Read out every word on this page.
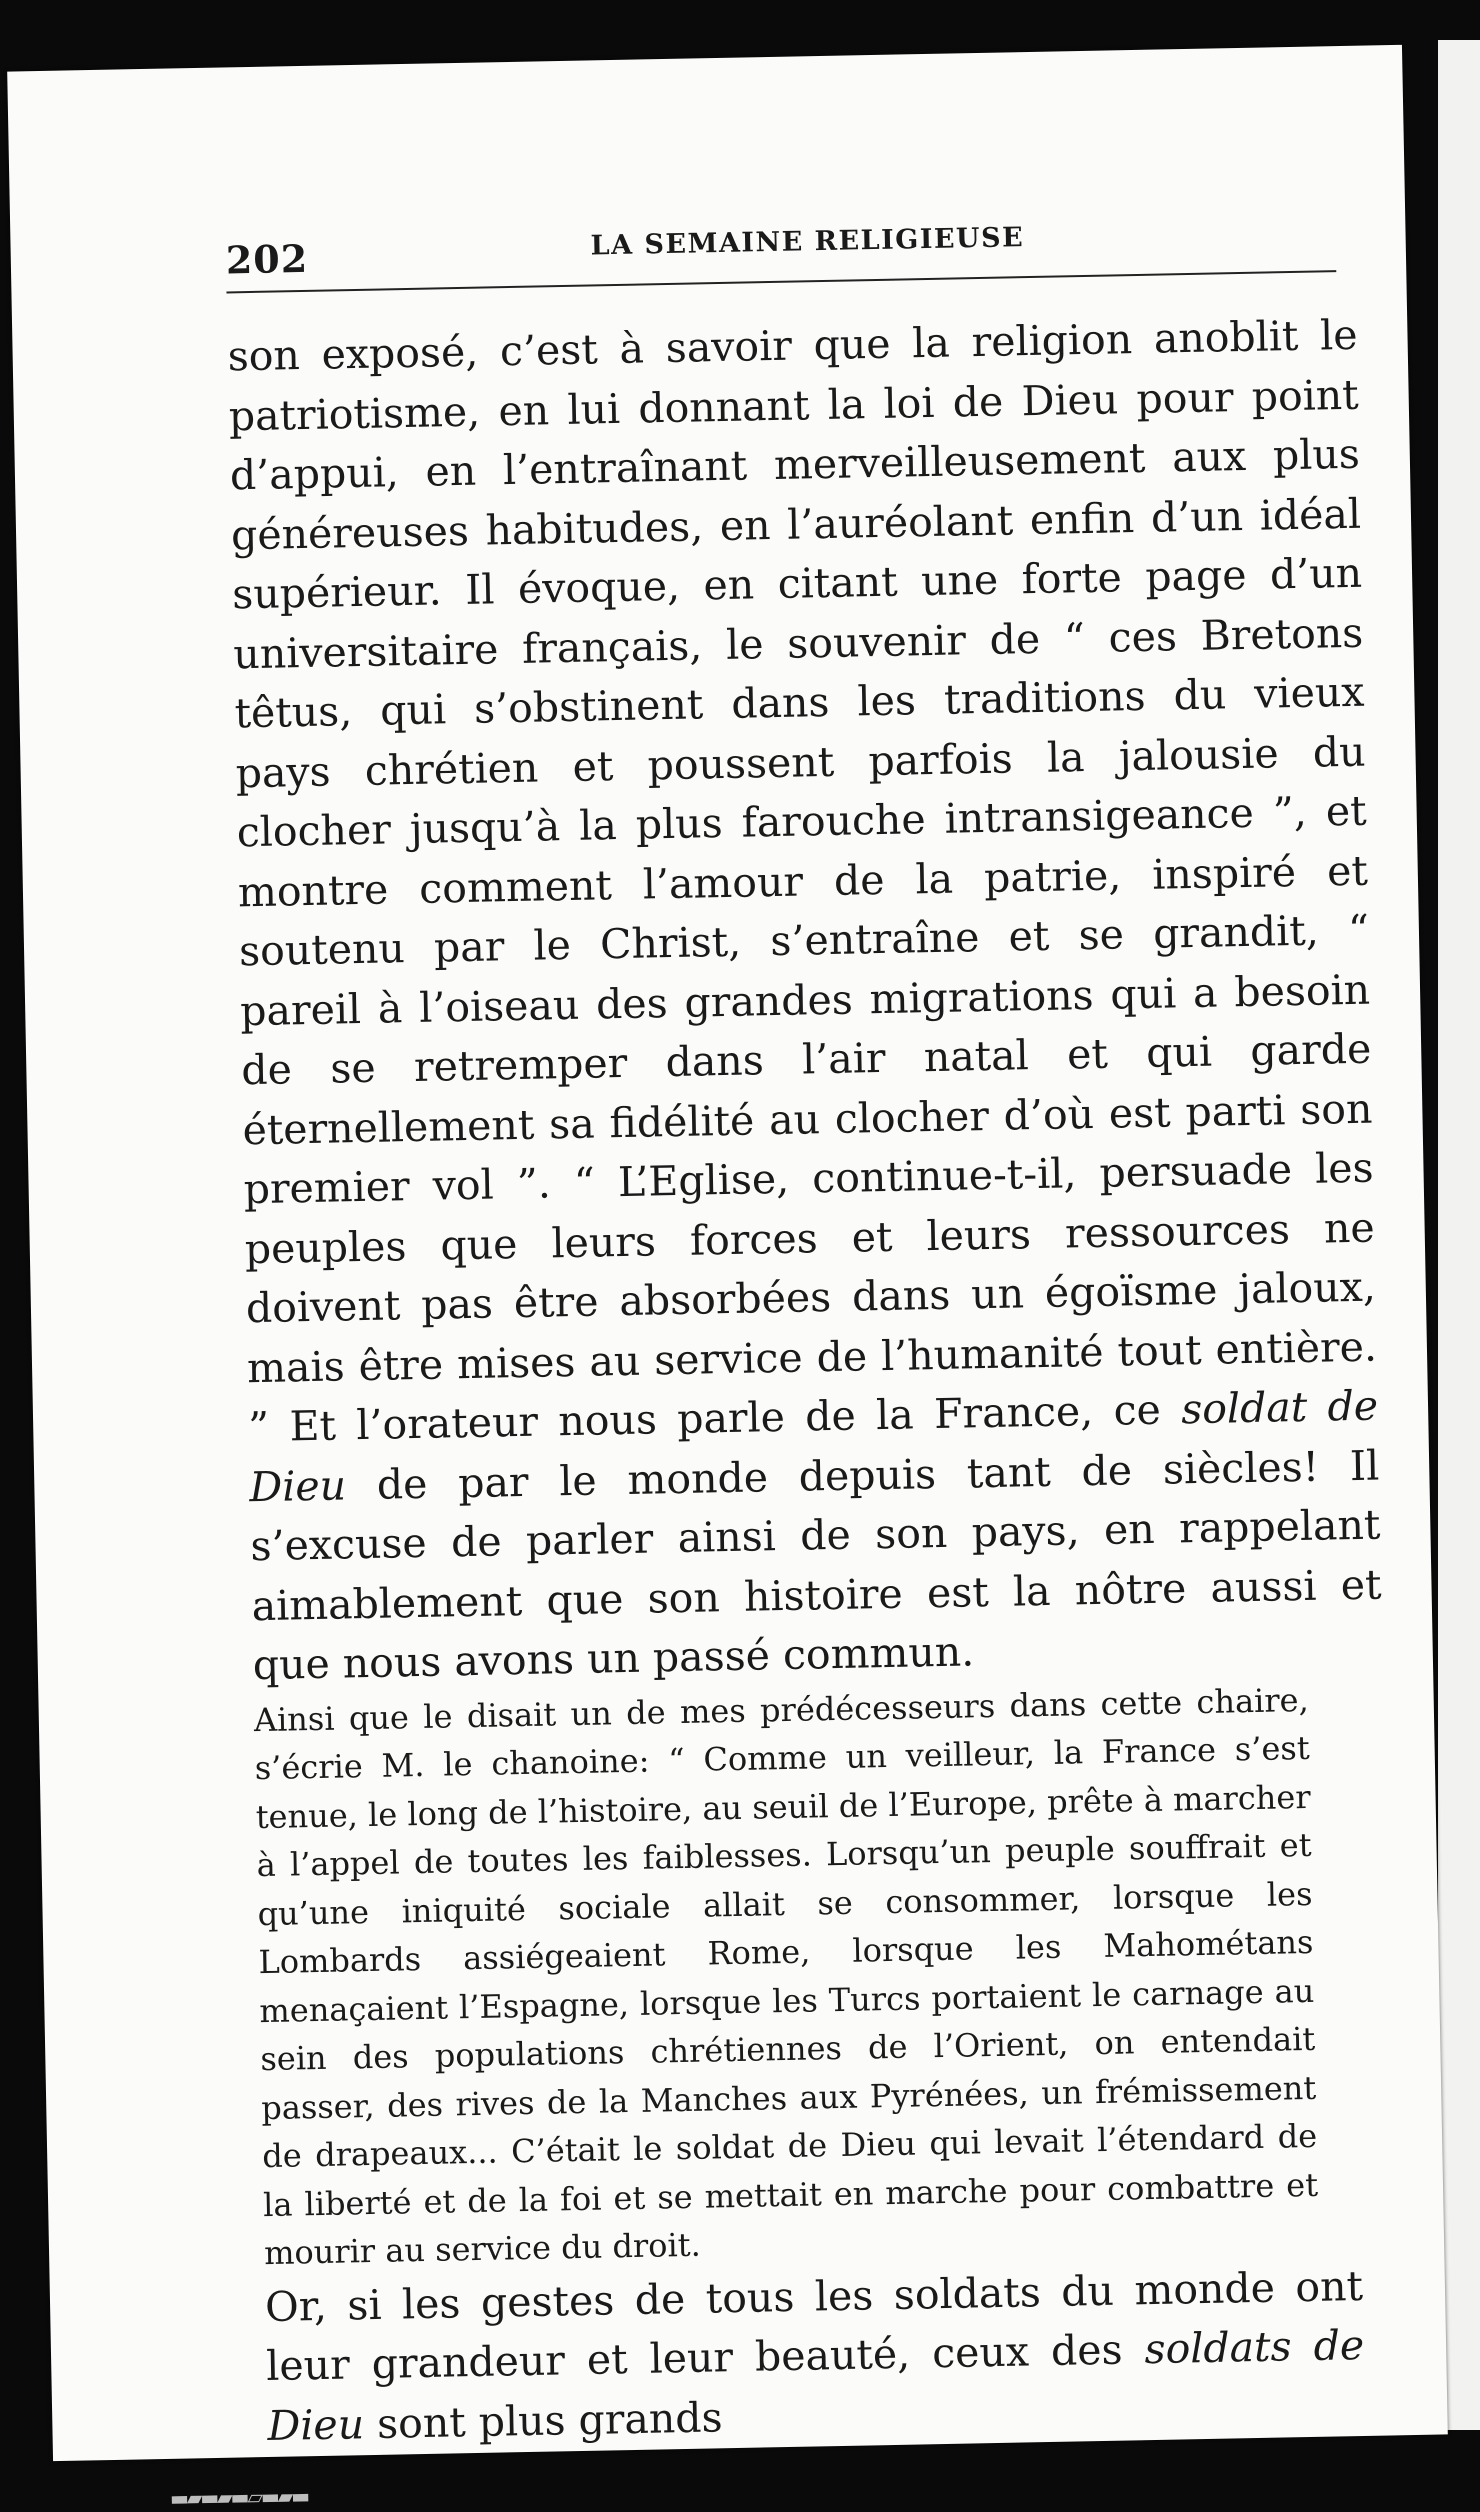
202	LA SEMAINE RELIGIEUSE

son exposé, c’est à savoir que la religion anoblit le patriotisme, en lui donnant la loi de Dieu pour point d’appui, en l’entraînant merveilleusement aux plus généreuses habitudes, en l’auréolant enfin d’un idéal supérieur. Il évoque, en citant une forte page d’un universitaire français, le souvenir de “ ces Bretons têtus, qui s’obstinent dans les traditions du vieux pays chrétien et poussent parfois la jalousie du clocher jusqu’à la plus farouche intransigeance ”, et montre comment l’amour de la patrie, inspiré et soutenu par le Christ, s’entraîne et se grandit, “ pareil à l’oiseau des grandes migrations qui a besoin de se retremper dans l’air natal et qui garde éternellement sa fidélité au clocher d’où est parti son premier vol ”. “ L’Eglise, continue-t-il, persuade les peuples que leurs forces et leurs ressources ne doivent pas être absorbées dans un égoïsme jaloux, mais être mises au service de l’humanité tout entière. ” Et l’orateur nous parle de la France, ce soldat de Dieu de par le monde depuis tant de siècles! Il s’excuse de parler ainsi de son pays, en rappelant aimablement que son histoire est la nôtre aussi et que nous avons un passé commun.

Ainsi que le disait un de mes prédécesseurs dans cette chaire, s’écrie M. le chanoine: “ Comme un veilleur, la France s’est tenue, le long de l’histoire, au seuil de l’Europe, prête à marcher à l’appel de toutes les faiblesses. Lorsqu’un peuple souffrait et qu’une iniquité sociale allait se consommer, lorsque les Lombards assiégeaient Rome, lorsque les Mahométans menaçaient l’Espagne, lorsque les Turcs portaient le carnage au sein des populations chrétiennes de l’Orient, on entendait passer, des rives de la Manches aux Pyrénées, un frémissement de drapeaux... C’était le soldat de Dieu qui levait l’étendard de la liberté et de la foi et se mettait en marche pour combattre et mourir au service du droit.

Or, si les gestes de tous les soldats du monde ont leur grandeur et leur beauté, ceux des soldats de Dieu sont plus grands

▬▰▬▰▬▱▬▰▬
